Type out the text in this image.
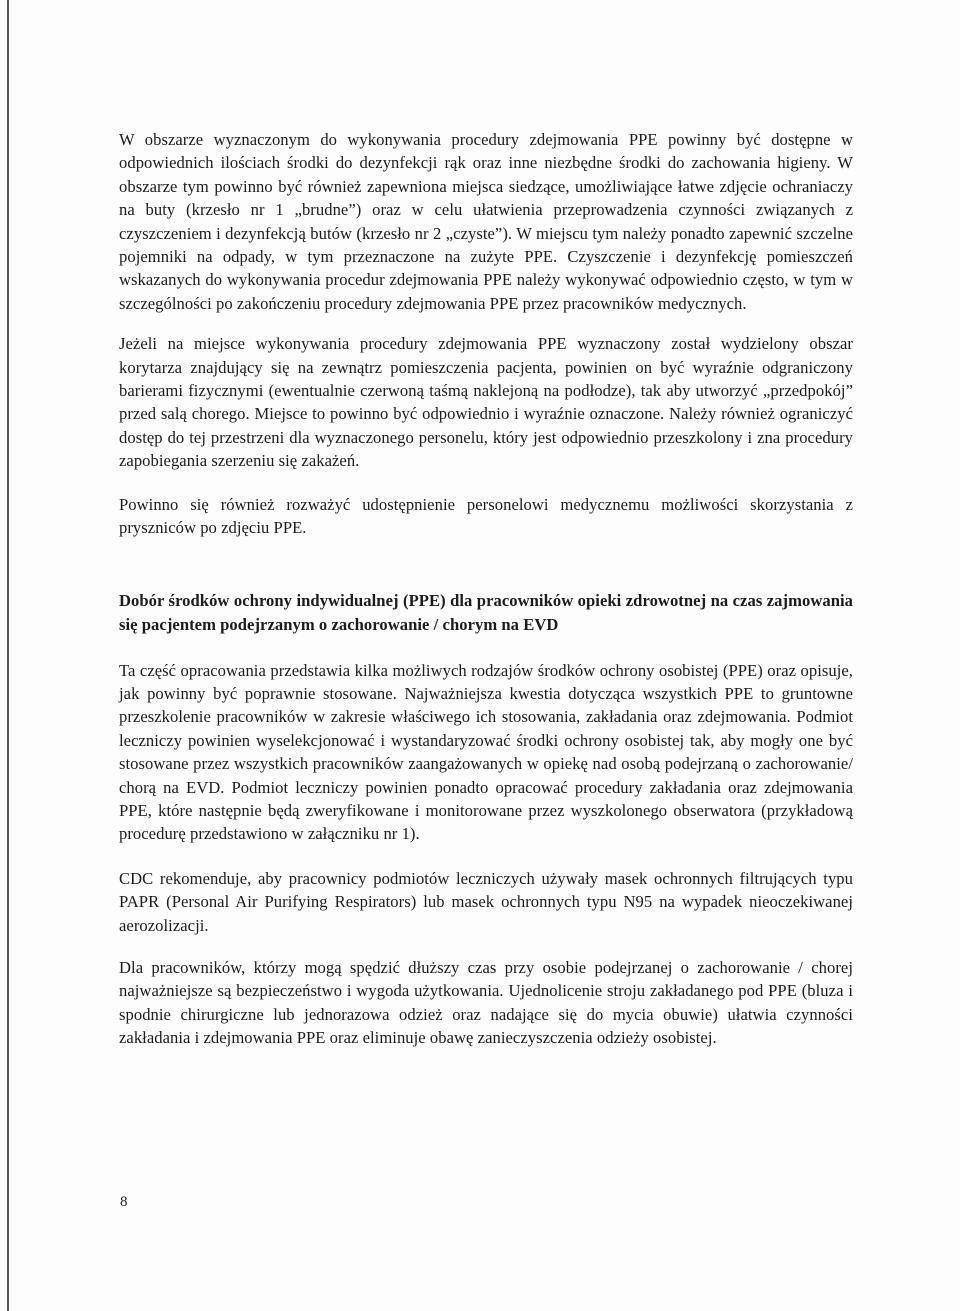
W obszarze wyznaczonym do wykonywania procedury zdejmowania PPE powinny być dostępne w odpowiednich ilościach środki do dezynfekcji rąk oraz inne niezbędne środki do zachowania higieny. W obszarze tym powinno być również zapewniona miejsca siedzące, umożliwiające łatwe zdjęcie ochraniaczy na buty (krzesło nr 1 „brudne”) oraz w celu ułatwienia przeprowadzenia czynności związanych z czyszczeniem i dezynfekcją butów (krzesło nr 2 „czyste”). W miejscu tym należy ponadto zapewnić szczelne pojemniki na odpady, w tym przeznaczone na zużyte PPE. Czyszczenie i dezynfekcję pomieszczeń wskazanych do wykonywania procedur zdejmowania PPE należy wykonywać odpowiednio często, w tym w szczególności po zakończeniu procedury zdejmowania PPE przez pracowników medycznych.

Jeżeli na miejsce wykonywania procedury zdejmowania PPE wyznaczony został wydzielony obszar korytarza znajdujący się na zewnątrz pomieszczenia pacjenta, powinien on być wyraźnie odgraniczony barierami fizycznymi (ewentualnie czerwoną taśmą naklejoną na podłodze), tak aby utworzyć „przedpokój” przed salą chorego. Miejsce to powinno być odpowiednio i wyraźnie oznaczone. Należy również ograniczyć dostęp do tej przestrzeni dla wyznaczonego personelu, który jest odpowiednio przeszkolony i zna procedury zapobiegania szerzeniu się zakażeń.

Powinno się również rozważyć udostępnienie personelowi medycznemu możliwości skorzystania z pryszniców po zdjęciu PPE.

Dobór środków ochrony indywidualnej (PPE) dla pracowników opieki zdrowotnej na czas zajmowania się pacjentem podejrzanym o zachorowanie / chorym na EVD

Ta część opracowania przedstawia kilka możliwych rodzajów środków ochrony osobistej (PPE) oraz opisuje, jak powinny być poprawnie stosowane. Najważniejsza kwestia dotycząca wszystkich PPE to gruntowne przeszkolenie pracowników w zakresie właściwego ich stosowania, zakładania oraz zdejmowania. Podmiot leczniczy powinien wyselekcjonować i wystandaryzować środki ochrony osobistej tak, aby mogły one być stosowane przez wszystkich pracowników zaangażowanych w opiekę nad osobą podejrzaną o zachorowanie/ chorą na EVD. Podmiot leczniczy powinien ponadto opracować procedury zakładania oraz zdejmowania PPE, które następnie będą zweryfikowane i monitorowane przez wyszkolonego obserwatora (przykładową procedurę przedstawiono w załączniku nr 1).

CDC rekomenduje, aby pracownicy podmiotów leczniczych używały masek ochronnych filtrujących typu PAPR (Personal Air Purifying Respirators) lub masek ochronnych typu N95 na wypadek nieoczekiwanej aerozolizacji.

Dla pracowników, którzy mogą spędzić dłuższy czas przy osobie podejrzanej o zachorowanie / chorej najważniejsze są bezpieczeństwo i wygoda użytkowania. Ujednolicenie stroju zakładanego pod PPE (bluza i spodnie chirurgiczne lub jednorazowa odzież oraz nadające się do mycia obuwie) ułatwia czynności zakładania i zdejmowania PPE oraz eliminuje obawę zanieczyszczenia odzieży osobistej.

8
